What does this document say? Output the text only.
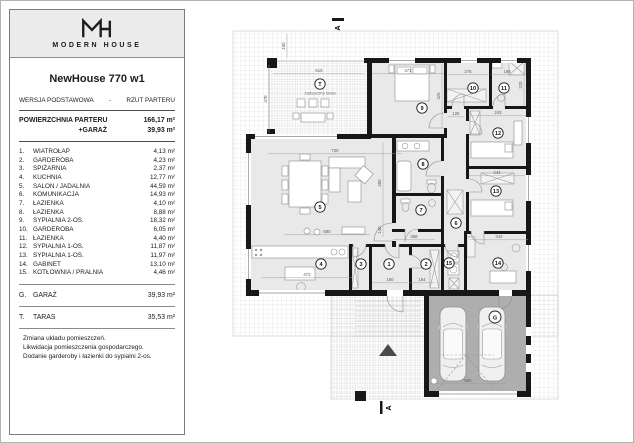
G
A
A
T
zadaszony taras
1	2
3
4
5
6
7
8
9
10	11
12
13
14
15
615
150
470
720
471
425
275	189
220
125	243
243
343
358
680
460
140
473
160	164
500
MODERN HOUSE
NewHouse 770 w1
WERSJA PODSTAWOWA - RZUT PARTERU
POWIERZCHNIA PARTERU	166,17 m²
+GARAŻ	39,93 m²
1.	WIATROŁAP	4,13 m²
2.	GARDEROBA	4,23 m²
3.	SPIŻARNIA	2,37 m²
4.	KUCHNIA	12,77 m²
5.	SALON / JADALNIA	44,59 m²
6.	KOMUNIKACJA	14,93 m²
7.	ŁAZIENKA	4,10 m²
8.	ŁAZIENKA	8,88 m²
9.	SYPIALNIA 2-OS.	18,32 m²
10. GARDEROBA	6,05 m²
11. ŁAZIENKA	4,40 m²
12. SYPIALNIA 1-OS.	11,87 m²
13. SYPIALNIA 1-OS.	11,97 m²
14. GABINET	13,10 m²
15. KOTŁOWNIA / PRALNIA	4,46 m²
G. GARAŻ	39,93 m²
T.	TARAS	35,53 m²
Zmiana układu pomieszczeń.
Likwidacja pomieszczenia gospodarczego.
Dodanie garderoby i łazienki do sypialni 2-os.
